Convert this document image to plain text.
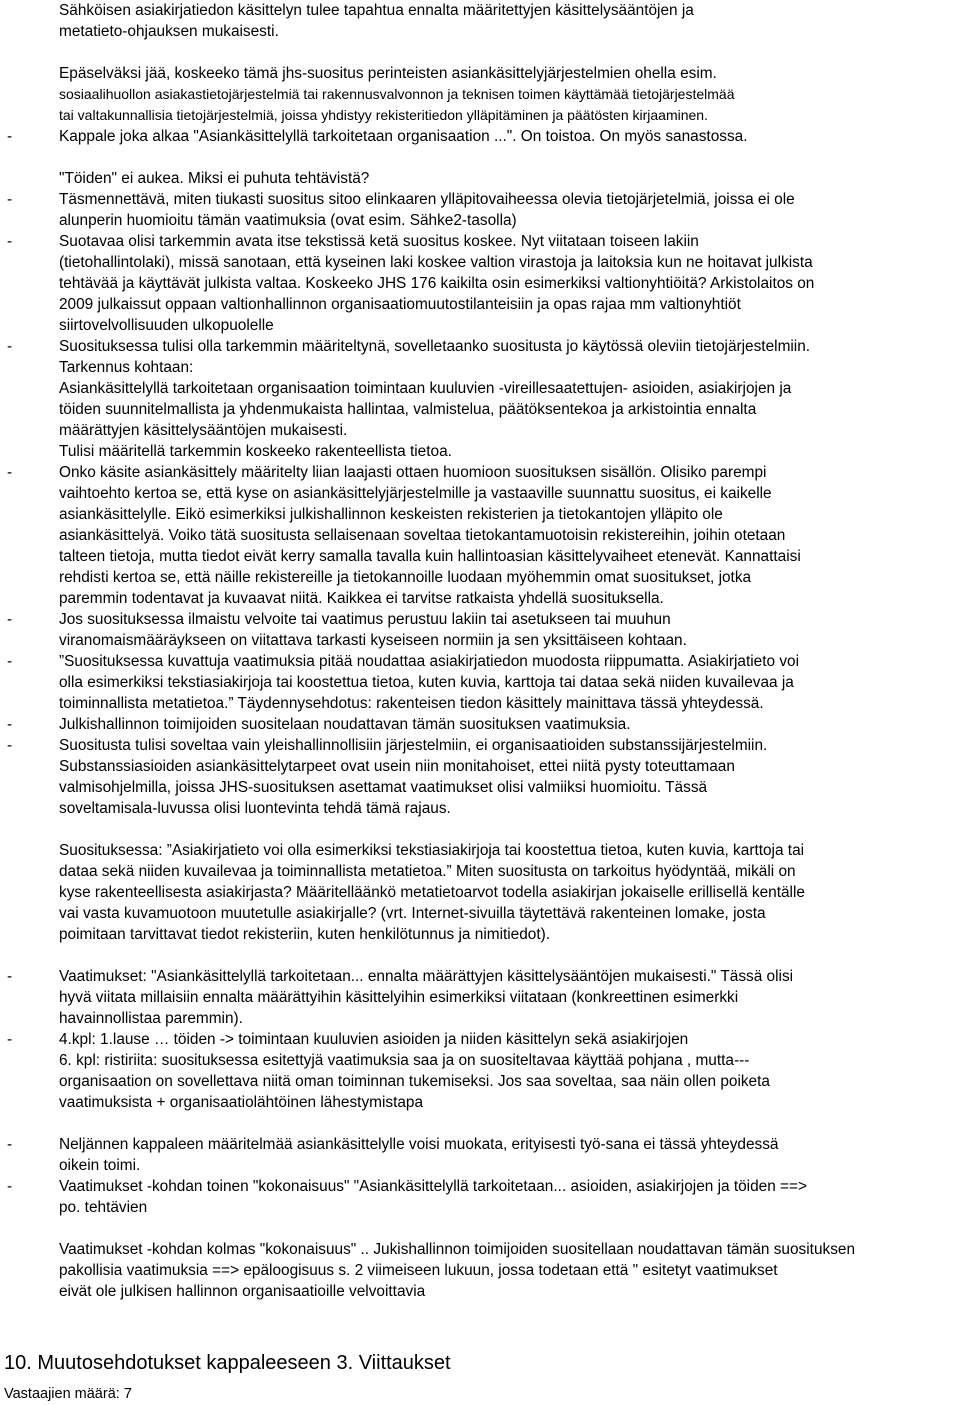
Sähköisen asiakirjatiedon käsittelyn tulee tapahtua ennalta määritettyjen käsittelysääntöjen ja
metatieto-ohjauksen mukaisesti.
Epäselväksi jää, koskeeko tämä jhs-suositus perinteisten asiankäsittelyjärjestelmien ohella esim.
sosiaalihuollon asiakastietojärjestelmiä tai rakennusvalvonnon ja teknisen toimen käyttämää tietojärjestelmää
tai valtakunnallisia tietojärjestelmiä, joissa yhdistyy rekisteritiedon ylläpitäminen ja päätösten kirjaaminen.
-	Kappale joka alkaa "Asiankäsittelyllä tarkoitetaan organisaation ...". On toistoa. On myös sanastossa.
"Töiden" ei aukea. Miksi ei puhuta tehtävistä?
-	Täsmennettävä, miten tiukasti suositus sitoo elinkaaren ylläpitovaiheessa olevia tietojärjetelmiä, joissa ei ole
alunperin huomioitu tämän vaatimuksia (ovat esim. Sähke2-tasolla)
-	Suotavaa olisi tarkemmin avata itse tekstissä ketä suositus koskee. Nyt viitataan toiseen lakiin
(tietohallintolaki), missä sanotaan, että kyseinen laki koskee valtion virastoja ja laitoksia kun ne hoitavat julkista
tehtävää ja käyttävät julkista valtaa. Koskeeko JHS 176 kaikilta osin esimerkiksi valtionyhtiöitä? Arkistolaitos on
2009 julkaissut oppaan valtionhallinnon organisaatiomuutostilanteisiin ja opas rajaa mm valtionyhtiöt
siirtovelvollisuuden ulkopuolelle
-	Suosituksessa tulisi olla tarkemmin määriteltynä, sovelletaanko suositusta jo käytössä oleviin tietojärjestelmiin.
Tarkennus kohtaan:
Asiankäsittelyllä tarkoitetaan organisaation toimintaan kuuluvien -vireillesaatettujen- asioiden, asiakirjojen ja
töiden suunnitelmallista ja yhdenmukaista hallintaa, valmistelua, päätöksentekoa ja arkistointia ennalta
määrättyjen käsittelysääntöjen mukaisesti.
Tulisi määritellä tarkemmin koskeeko rakenteellista tietoa.
-	Onko käsite asiankäsittely määritelty liian laajasti ottaen huomioon suosituksen sisällön. Olisiko parempi
vaihtoehto kertoa se, että kyse on asiankäsittelyjärjestelmille ja vastaaville suunnattu suositus, ei kaikelle
asiankäsittelylle. Eikö esimerkiksi julkishallinnon keskeisten rekisterien ja tietokantojen ylläpito ole
asiankäsittelyä. Voiko tätä suositusta sellaisenaan soveltaa tietokantamuotoisin rekistereihin, joihin otetaan
talteen tietoja, mutta tiedot eivät kerry samalla tavalla kuin hallintoasian käsittelyvaiheet etenevät. Kannattaisi
rehdisti kertoa se, että näille rekistereille ja tietokannoille luodaan myöhemmin omat suositukset, jotka
paremmin todentavat ja kuvaavat niitä. Kaikkea ei tarvitse ratkaista yhdellä suosituksella.
-	Jos suosituksessa ilmaistu velvoite tai vaatimus perustuu lakiin tai asetukseen tai muuhun
viranomaismääräykseen on viitattava tarkasti kyseiseen normiin ja sen yksittäiseen kohtaan.
-	”Suosituksessa kuvattuja vaatimuksia pitää noudattaa asiakirjatiedon muodosta riippumatta. Asiakirjatieto voi
olla esimerkiksi tekstiasiakirjoja tai koostettua tietoa, kuten kuvia, karttoja tai dataa sekä niiden kuvailevaa ja
toiminnallista metatietoa.” Täydennysehdotus: rakenteisen tiedon käsittely mainittava tässä yhteydessä.
-	Julkishallinnon toimijoiden suositelaan noudattavan tämän suosituksen vaatimuksia.
-	Suositusta tulisi soveltaa vain yleishallinnollisiin järjestelmiin, ei organisaatioiden substanssijärjestelmiin.
Substanssiasioiden asiankäsittelytarpeet ovat usein niin monitahoiset, ettei niitä pysty toteuttamaan
valmisohjelmilla, joissa JHS-suosituksen asettamat vaatimukset olisi valmiiksi huomioitu. Tässä
soveltamisala-luvussa olisi luontevinta tehdä tämä rajaus.
Suosituksessa: ”Asiakirjatieto voi olla esimerkiksi tekstiasiakirjoja tai koostettua tietoa, kuten kuvia, karttoja tai
dataa sekä niiden kuvailevaa ja toiminnallista metatietoa.” Miten suositusta on tarkoitus hyödyntää, mikäli on
kyse rakenteellisesta asiakirjasta? Määritelläänkö metatietoarvot todella asiakirjan jokaiselle erillisellä kentälle
vai vasta kuvamuotoon muutetulle asiakirjalle? (vrt. Internet-sivuilla täytettävä rakenteinen lomake, josta
poimitaan tarvittavat tiedot rekisteriin, kuten henkilötunnus ja nimitiedot).
-	Vaatimukset: "Asiankäsittelyllä tarkoitetaan... ennalta määrättyjen käsittelysääntöjen mukaisesti." Tässä olisi
hyvä viitata millaisiin ennalta määrättyihin käsittelyihin esimerkiksi viitataan (konkreettinen esimerkki
havainnollistaa paremmin).
-	4.kpl: 1.lause … töiden -> toimintaan kuuluvien asioiden ja niiden käsittelyn sekä asiakirjojen
6. kpl: ristiriita: suosituksessa esitettyjä vaatimuksia saa ja on suositeltavaa käyttää pohjana , mutta---
organisaation on sovellettava niitä oman toiminnan tukemiseksi. Jos saa soveltaa, saa näin ollen poiketa
vaatimuksista + organisaatiolähtöinen lähestymistapa
-	Neljännen kappaleen määritelmää asiankäsittelylle voisi muokata, erityisesti työ-sana ei tässä yhteydessä
oikein toimi.
-	Vaatimukset -kohdan toinen "kokonaisuus" "Asiankäsittelyllä tarkoitetaan... asioiden, asiakirjojen ja töiden ==>
po. tehtävien
Vaatimukset -kohdan kolmas "kokonaisuus" .. Jukishallinnon toimijoiden suositellaan noudattavan tämän suosituksen
pakollisia vaatimuksia ==> epäloogisuus s. 2 viimeiseen lukuun, jossa todetaan että " esitetyt vaatimukset
eivät ole julkisen hallinnon organisaatioille velvoittavia
10. Muutosehdotukset kappaleeseen 3. Viittaukset
Vastaajien määrä: 7
